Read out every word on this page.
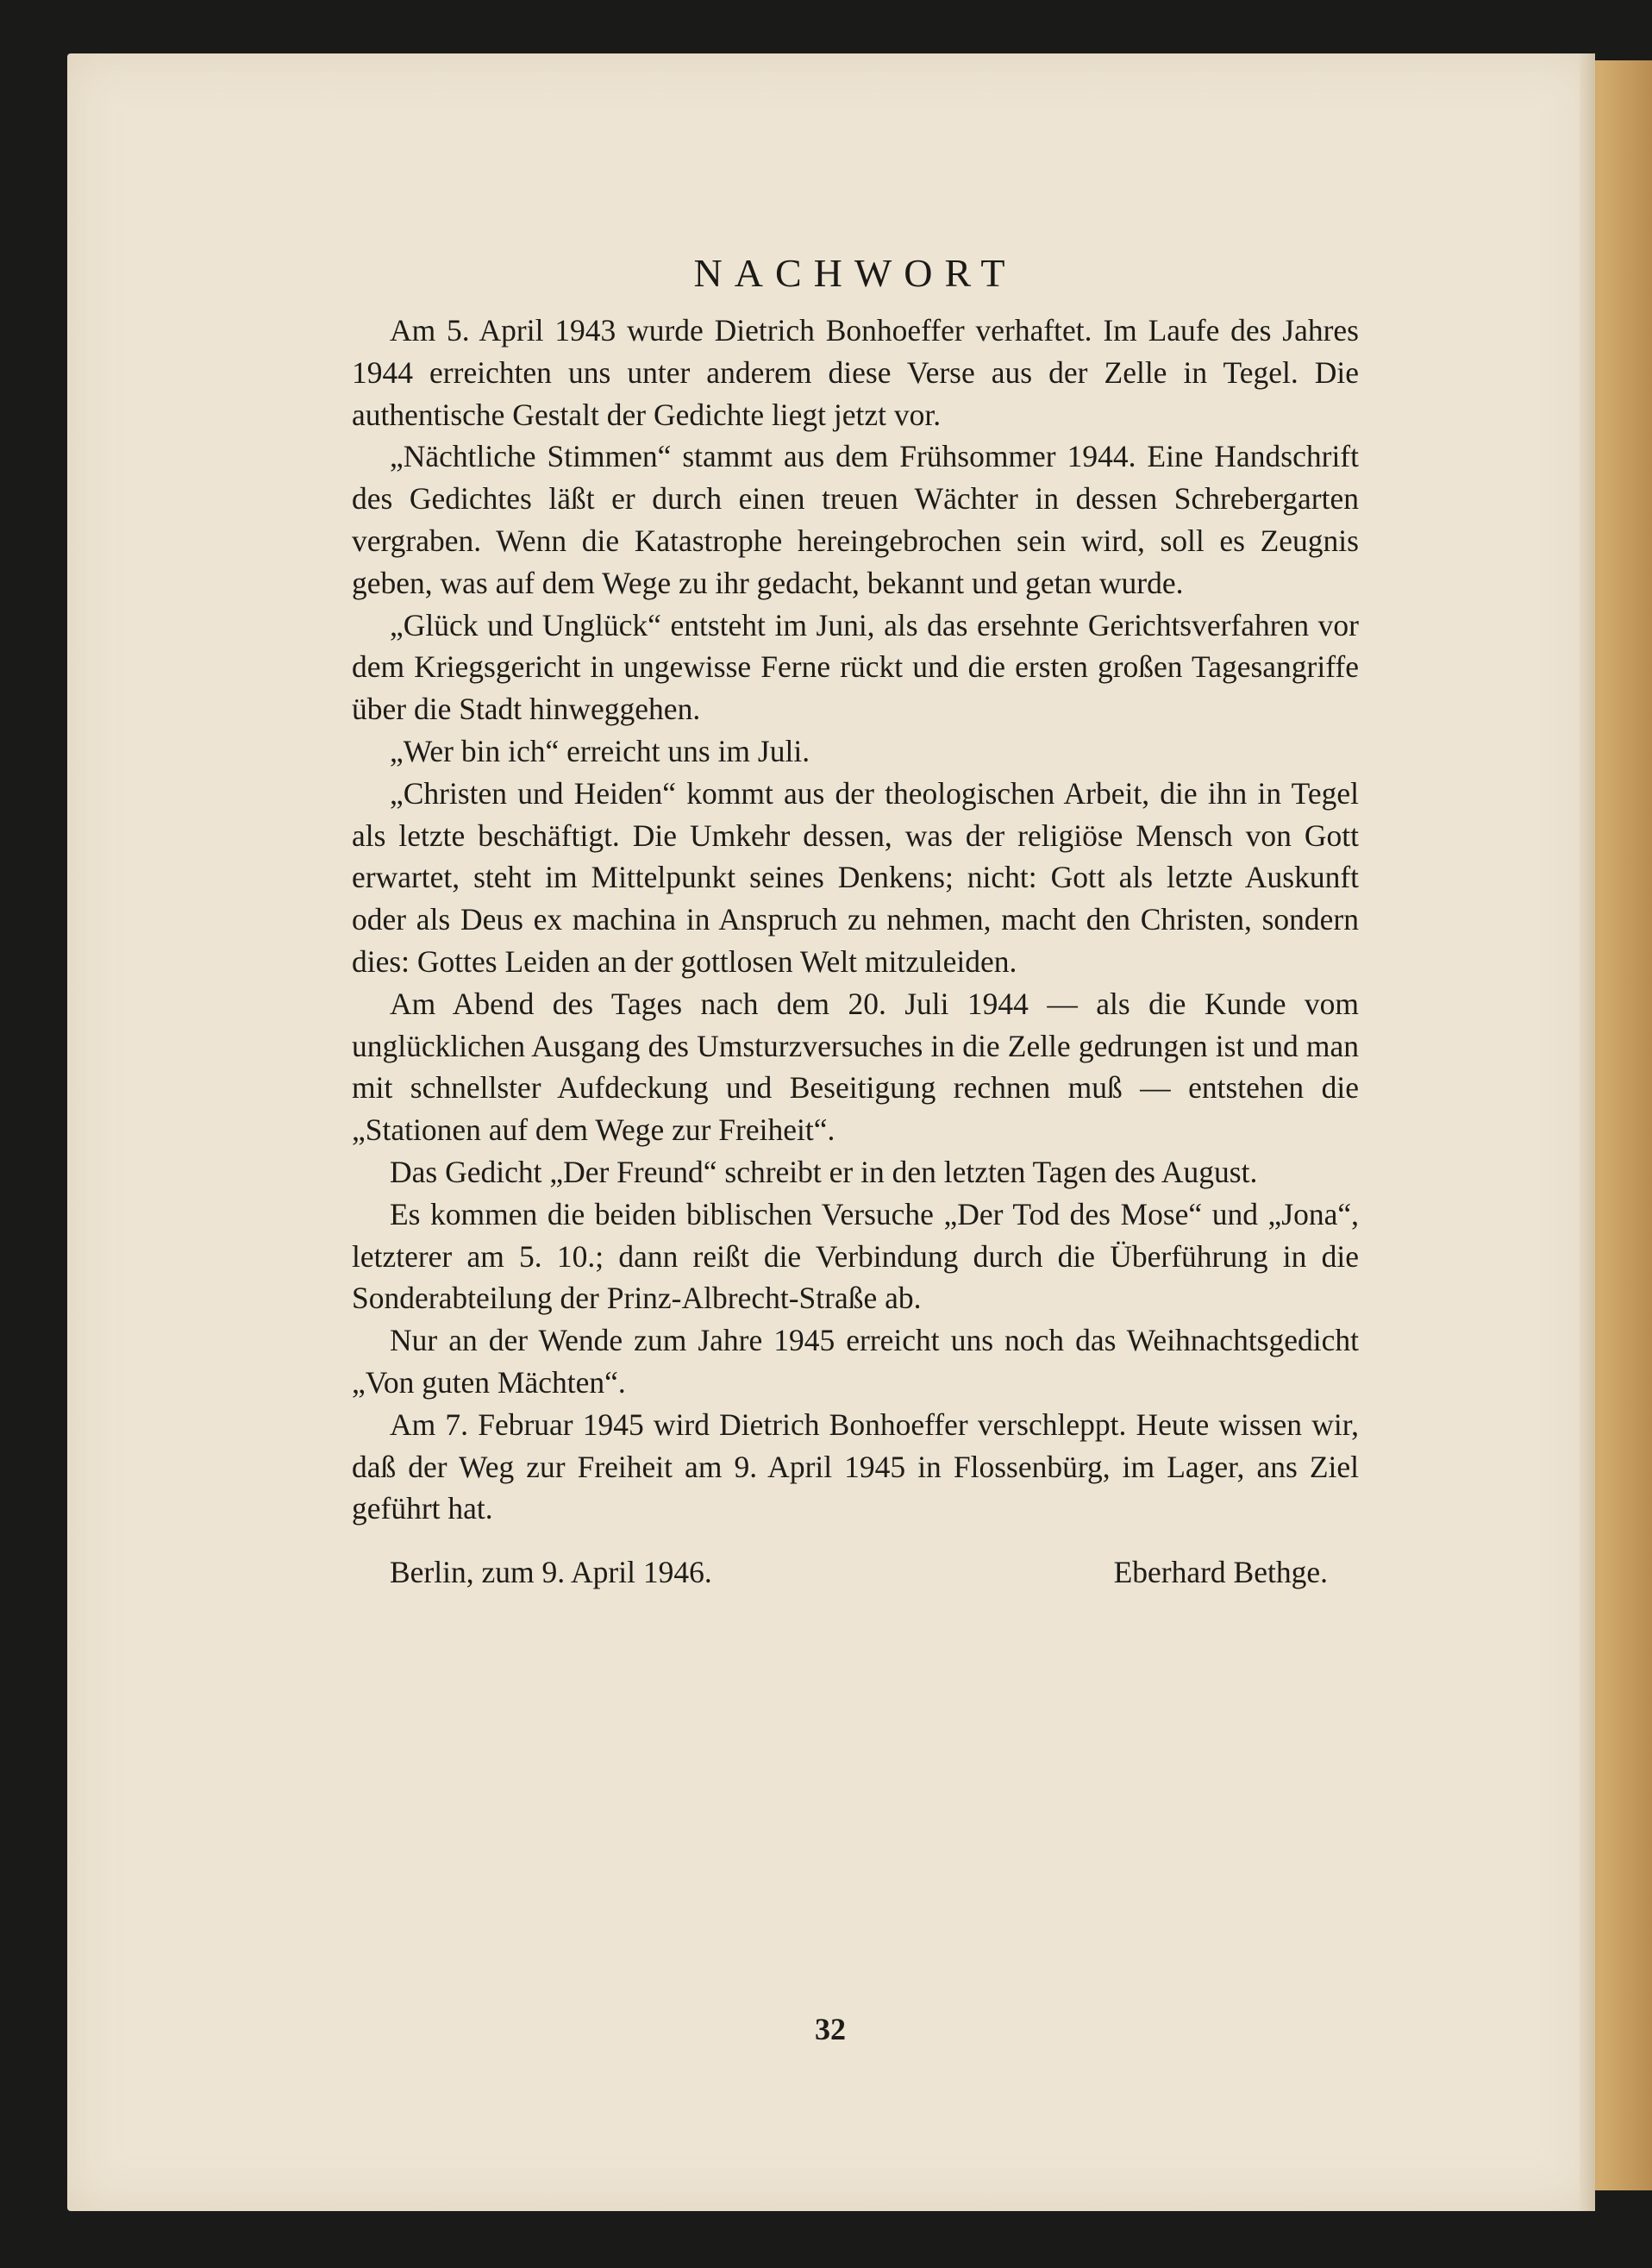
NACHWORT

Am 5. April 1943 wurde Dietrich Bonhoeffer verhaftet. Im Laufe des Jahres 1944 erreichten uns unter anderem diese Verse aus der Zelle in Tegel. Die authentische Gestalt der Gedichte liegt jetzt vor.

„Nächtliche Stimmen“ stammt aus dem Frühsommer 1944. Eine Handschrift des Gedichtes läßt er durch einen treuen Wächter in dessen Schrebergarten vergraben. Wenn die Katastrophe hereingebrochen sein wird, soll es Zeugnis geben, was auf dem Wege zu ihr gedacht, bekannt und getan wurde.

„Glück und Unglück“ entsteht im Juni, als das ersehnte Gerichtsverfahren vor dem Kriegsgericht in ungewisse Ferne rückt und die ersten großen Tagesangriffe über die Stadt hinweggehen.

„Wer bin ich“ erreicht uns im Juli.

„Christen und Heiden“ kommt aus der theologischen Arbeit, die ihn in Tegel als letzte beschäftigt. Die Umkehr dessen, was der religiöse Mensch von Gott erwartet, steht im Mittelpunkt seines Denkens; nicht: Gott als letzte Auskunft oder als Deus ex machina in Anspruch zu nehmen, macht den Christen, sondern dies: Gottes Leiden an der gottlosen Welt mitzuleiden.

Am Abend des Tages nach dem 20. Juli 1944 — als die Kunde vom unglücklichen Ausgang des Umsturzversuches in die Zelle gedrungen ist und man mit schnellster Aufdeckung und Beseitigung rechnen muß — entstehen die „Stationen auf dem Wege zur Freiheit“.

Das Gedicht „Der Freund“ schreibt er in den letzten Tagen des August.

Es kommen die beiden biblischen Versuche „Der Tod des Mose“ und „Jona“, letzterer am 5. 10.; dann reißt die Verbindung durch die Überführung in die Sonderabteilung der Prinz-Albrecht-Straße ab.

Nur an der Wende zum Jahre 1945 erreicht uns noch das Weihnachtsgedicht „Von guten Mächten“.

Am 7. Februar 1945 wird Dietrich Bonhoeffer verschleppt. Heute wissen wir, daß der Weg zur Freiheit am 9. April 1945 in Flossenbürg, im Lager, ans Ziel geführt hat.

Berlin, zum 9. April 1946.	Eberhard Bethge.
32
